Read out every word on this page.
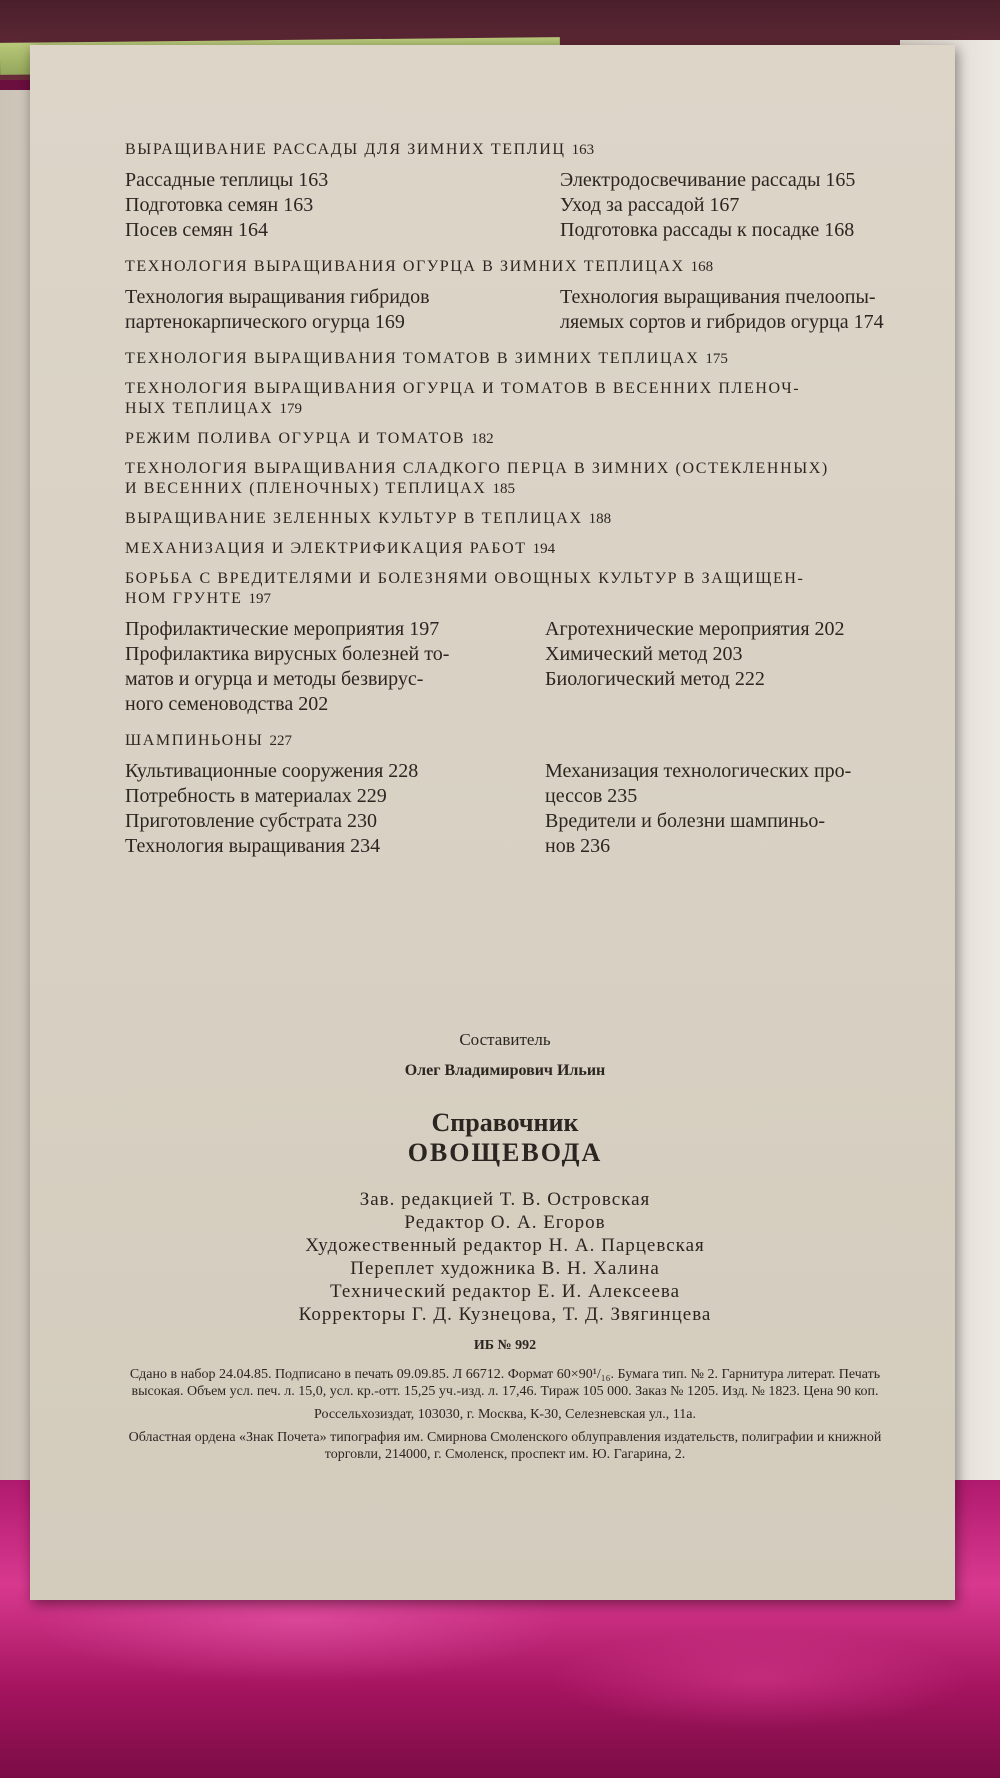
ВЫРАЩИВАНИЕ РАССАДЫ ДЛЯ ЗИМНИХ ТЕПЛИЦ 163

Рассадные теплицы 163
Подготовка семян 163
Посев семян 164
Электродосвечивание рассады 165
Уход за рассадой 167
Подготовка рассады к посадке 168

ТЕХНОЛОГИЯ ВЫРАЩИВАНИЯ ОГУРЦА В ЗИМНИХ ТЕПЛИЦАХ 168

Технология выращивания гибридов
партенокарпического огурца 169
Технология выращивания пчелоопы-
ляемых сортов и гибридов огурца 174

ТЕХНОЛОГИЯ ВЫРАЩИВАНИЯ ТОМАТОВ В ЗИМНИХ ТЕПЛИЦАХ 175

ТЕХНОЛОГИЯ ВЫРАЩИВАНИЯ ОГУРЦА И ТОМАТОВ В ВЕСЕННИХ ПЛЕНОЧ-

НЫХ ТЕПЛИЦАХ 179

РЕЖИМ ПОЛИВА ОГУРЦА И ТОМАТОВ 182

ТЕХНОЛОГИЯ ВЫРАЩИВАНИЯ СЛАДКОГО ПЕРЦА В ЗИМНИХ (ОСТЕКЛЕННЫХ)

И ВЕСЕННИХ (ПЛЕНОЧНЫХ) ТЕПЛИЦАХ 185

ВЫРАЩИВАНИЕ ЗЕЛЕННЫХ КУЛЬТУР В ТЕПЛИЦАХ 188

МЕХАНИЗАЦИЯ И ЭЛЕКТРИФИКАЦИЯ РАБОТ 194

БОРЬБА С ВРЕДИТЕЛЯМИ И БОЛЕЗНЯМИ ОВОЩНЫХ КУЛЬТУР В ЗАЩИЩЕН-

НОМ ГРУНТЕ 197

Профилактические мероприятия 197
Профилактика вирусных болезней то-
матов и огурца и методы безвирус-
ного семеноводства 202
Агротехнические мероприятия 202
Химический метод 203
Биологический метод 222

ШАМПИНЬОНЫ 227

Культивационные сооружения 228
Потребность в материалах 229
Приготовление субстрата 230
Технология выращивания 234
Механизация технологических про-
цессов 235
Вредители и болезни шампиньо-
нов 236
Составитель
Олег Владимирович Ильин
Справочник
ОВОЩЕВОДА
Зав. редакцией Т. В. Островская
Редактор О. А. Егоров
Художественный редактор Н. А. Парцевская
Переплет художника В. Н. Халина
Технический редактор Е. И. Алексеева
Корректоры Г. Д. Кузнецова, Т. Д. Звягинцева
ИБ № 992

Сдано в набор 24.04.85. Подписано в печать 09.09.85. Л 66712. Формат 60×90¹/₁₆. Бумага тип. № 2. Гарнитура литерат. Печать высокая. Объем усл. печ. л. 15,0, усл. кр.-отт. 15,25 уч.-изд. л. 17,46. Тираж 105 000. Заказ № 1205. Изд. № 1823. Цена 90 коп.

Россельхозиздат, 103030, г. Москва, К-30, Селезневская ул., 11а.

Областная ордена «Знак Почета» типография им. Смирнова Смоленского облуправления издательств, полиграфии и книжной торговли, 214000, г. Смоленск, проспект им. Ю. Гагарина, 2.
